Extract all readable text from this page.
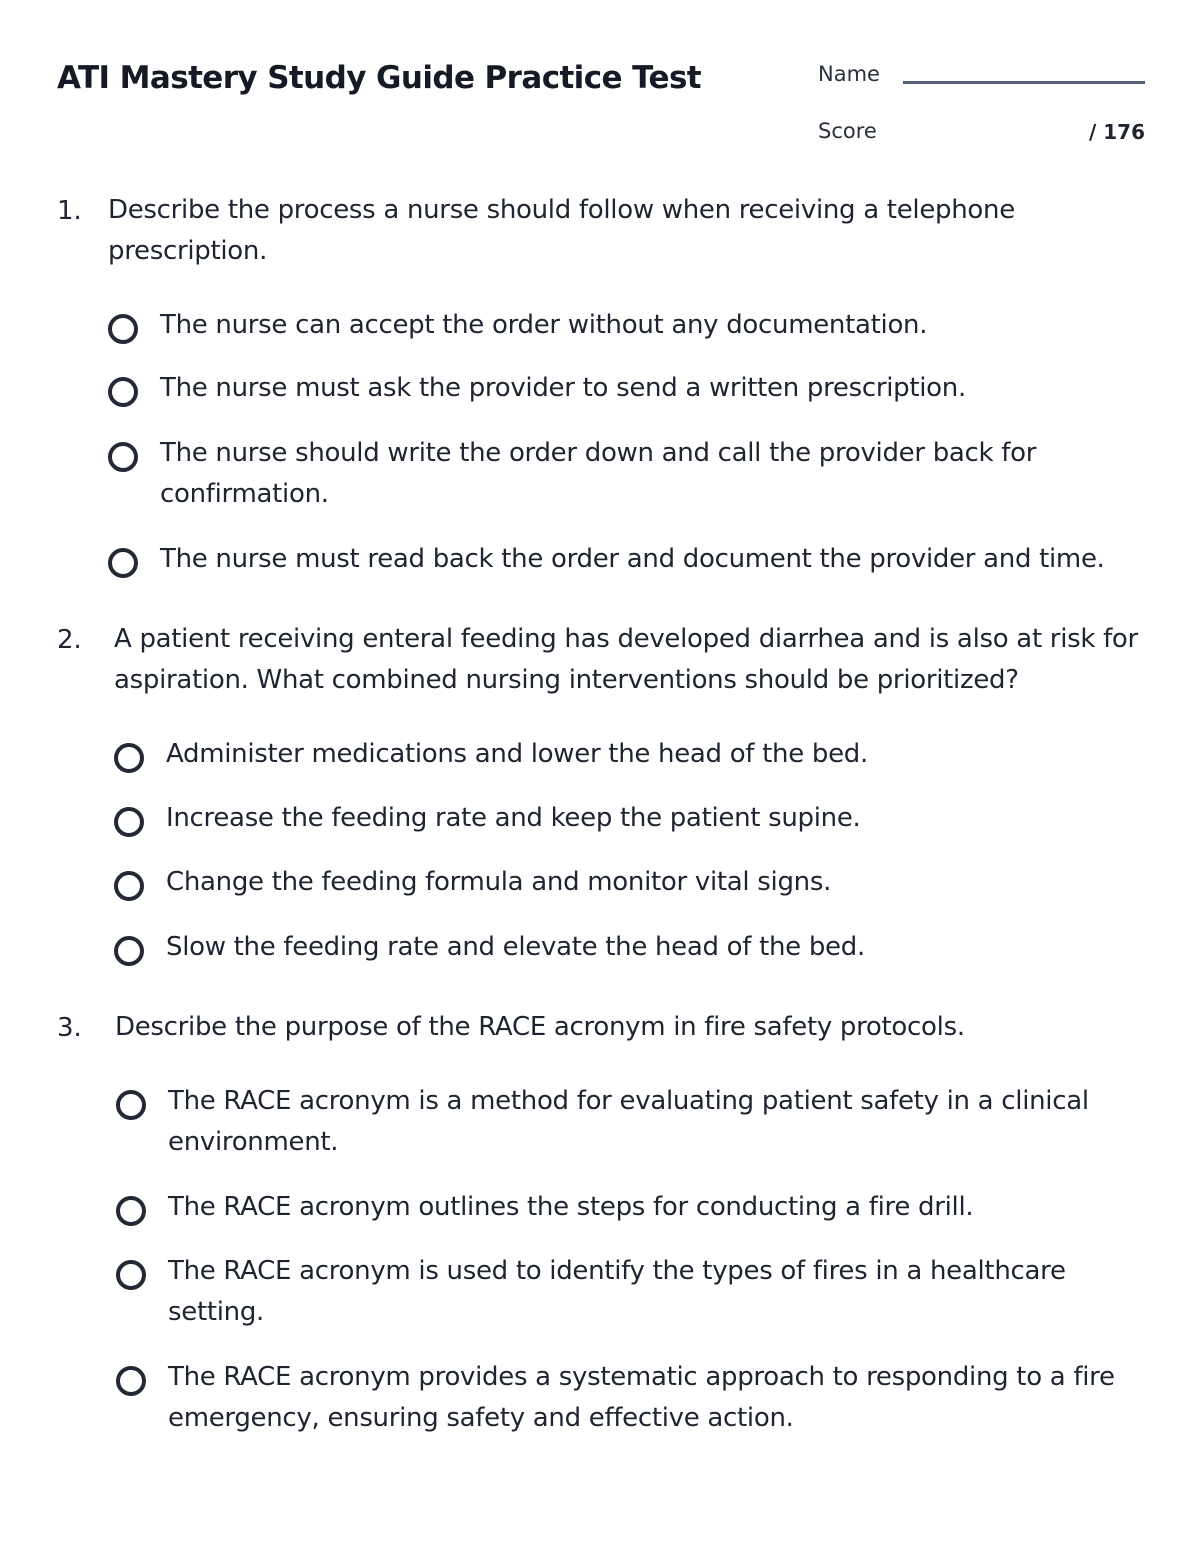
ATI Mastery Study Guide Practice Test	Name
Score	/ 176
1. Describe the process a nurse should follow when receiving a telephone prescription.
The nurse can accept the order without any documentation.
The nurse must ask the provider to send a written prescription.
The nurse should write the order down and call the provider back for confirmation.
The nurse must read back the order and document the provider and time.
2. A patient receiving enteral feeding has developed diarrhea and is also at risk for aspiration. What combined nursing interventions should be prioritized?
Administer medications and lower the head of the bed.
Increase the feeding rate and keep the patient supine.
Change the feeding formula and monitor vital signs.
Slow the feeding rate and elevate the head of the bed.
3. Describe the purpose of the RACE acronym in fire safety protocols.
The RACE acronym is a method for evaluating patient safety in a clinical environment.
The RACE acronym outlines the steps for conducting a fire drill.
The RACE acronym is used to identify the types of fires in a healthcare setting.
The RACE acronym provides a systematic approach to responding to a fire emergency, ensuring safety and effective action.
